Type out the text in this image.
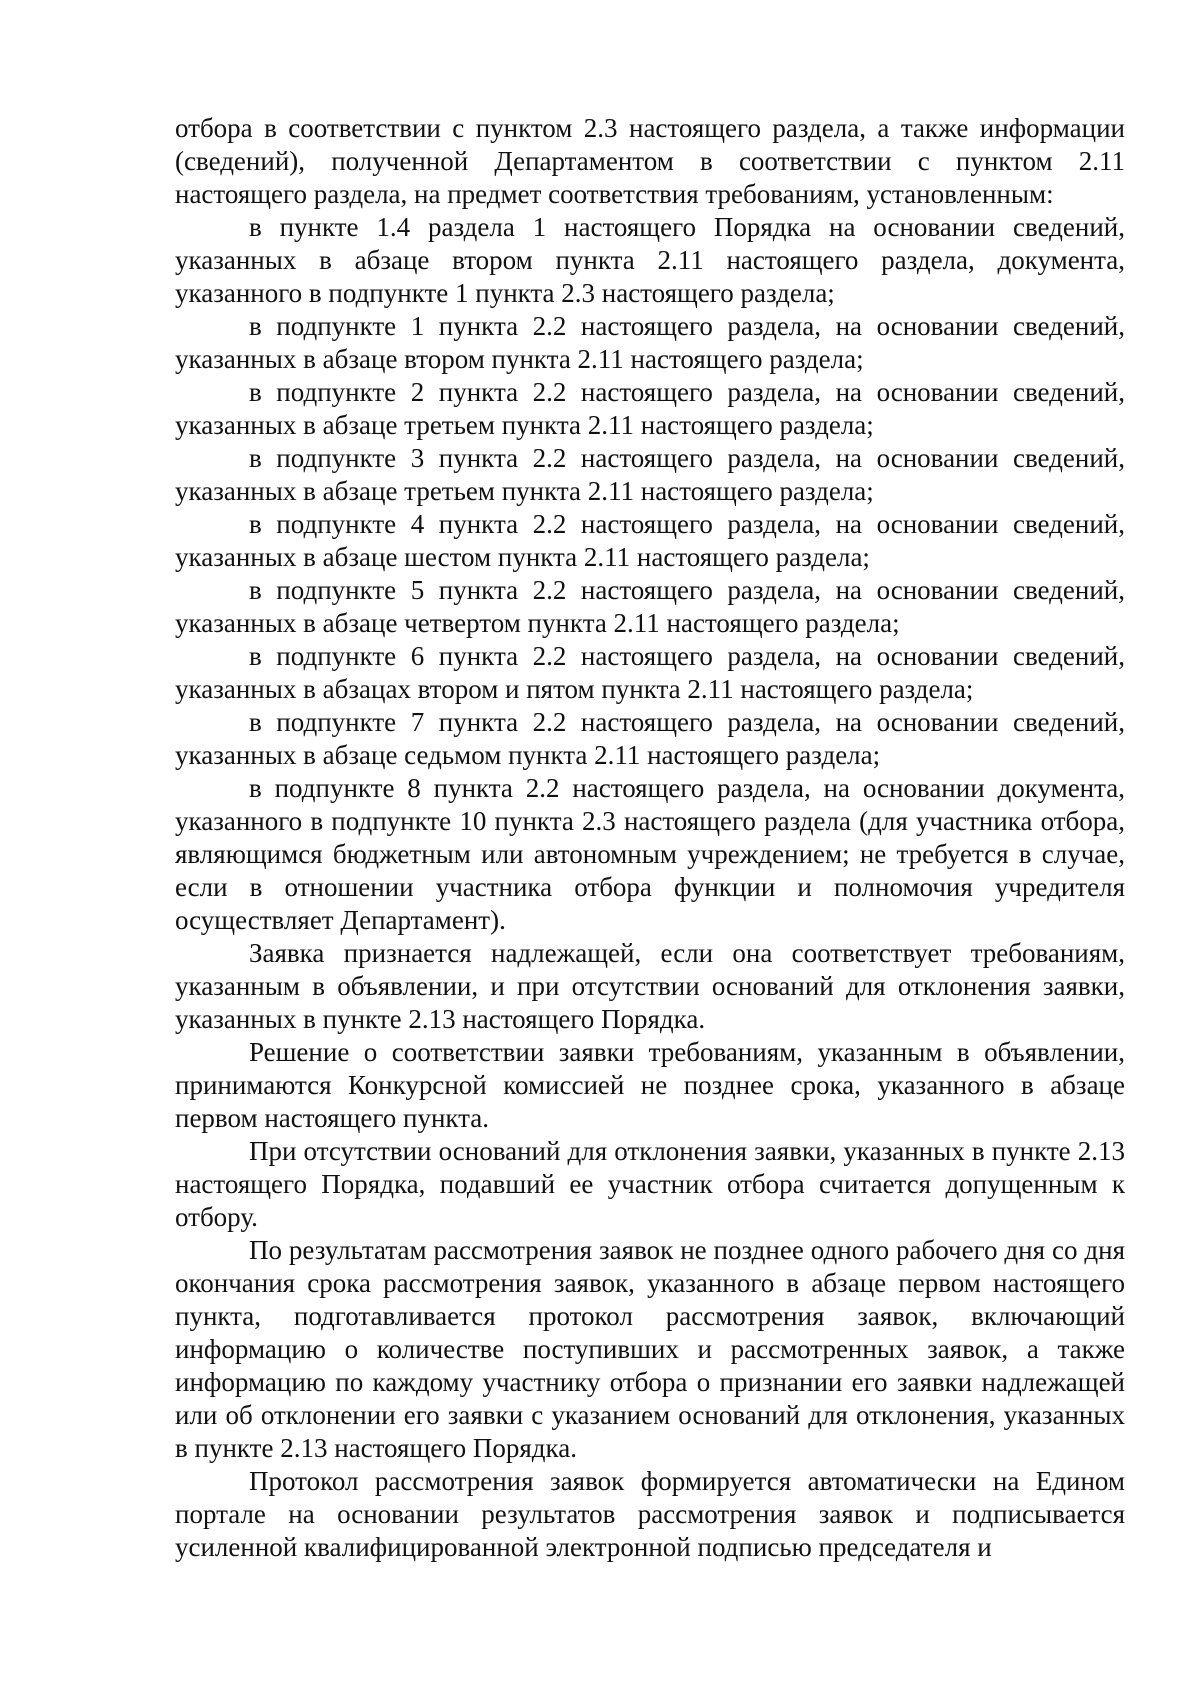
отбора в соответствии с пунктом 2.3 настоящего раздела, а также информации (сведений), полученной Департаментом в соответствии с пунктом 2.11 настоящего раздела, на предмет соответствия требованиям, установленным:

в пункте 1.4 раздела 1 настоящего Порядка на основании сведений, указанных в абзаце втором пункта 2.11 настоящего раздела, документа, указанного в подпункте 1 пункта 2.3 настоящего раздела;

в подпункте 1 пункта 2.2 настоящего раздела, на основании сведений, указанных в абзаце втором пункта 2.11 настоящего раздела;

в подпункте 2 пункта 2.2 настоящего раздела, на основании сведений, указанных в абзаце третьем пункта 2.11 настоящего раздела;

в подпункте 3 пункта 2.2 настоящего раздела, на основании сведений, указанных в абзаце третьем пункта 2.11 настоящего раздела;

в подпункте 4 пункта 2.2 настоящего раздела, на основании сведений, указанных в абзаце шестом пункта 2.11 настоящего раздела;

в подпункте 5 пункта 2.2 настоящего раздела, на основании сведений, указанных в абзаце четвертом пункта 2.11 настоящего раздела;

в подпункте 6 пункта 2.2 настоящего раздела, на основании сведений, указанных в абзацах втором и пятом пункта 2.11 настоящего раздела;

в подпункте 7 пункта 2.2 настоящего раздела, на основании сведений, указанных в абзаце седьмом пункта 2.11 настоящего раздела;

в подпункте 8 пункта 2.2 настоящего раздела, на основании документа, указанного в подпункте 10 пункта 2.3 настоящего раздела (для участника отбора, являющимся бюджетным или автономным учреждением; не требуется в случае, если в отношении участника отбора функции и полномочия учредителя осуществляет Департамент).

Заявка признается надлежащей, если она соответствует требованиям, указанным в объявлении, и при отсутствии оснований для отклонения заявки, указанных в пункте 2.13 настоящего Порядка.

Решение о соответствии заявки требованиям, указанным в объявлении, принимаются Конкурсной комиссией не позднее срока, указанного в абзаце первом настоящего пункта.

При отсутствии оснований для отклонения заявки, указанных в пункте 2.13 настоящего Порядка, подавший ее участник отбора считается допущенным к отбору.

По результатам рассмотрения заявок не позднее одного рабочего дня со дня окончания срока рассмотрения заявок, указанного в абзаце первом настоящего пункта, подготавливается протокол рассмотрения заявок, включающий информацию о количестве поступивших и рассмотренных заявок, а также информацию по каждому участнику отбора о признании его заявки надлежащей или об отклонении его заявки с указанием оснований для отклонения, указанных в пункте 2.13 настоящего Порядка.

Протокол рассмотрения заявок формируется автоматически на Едином портале на основании результатов рассмотрения заявок и подписывается усиленной квалифицированной электронной подписью председателя и
